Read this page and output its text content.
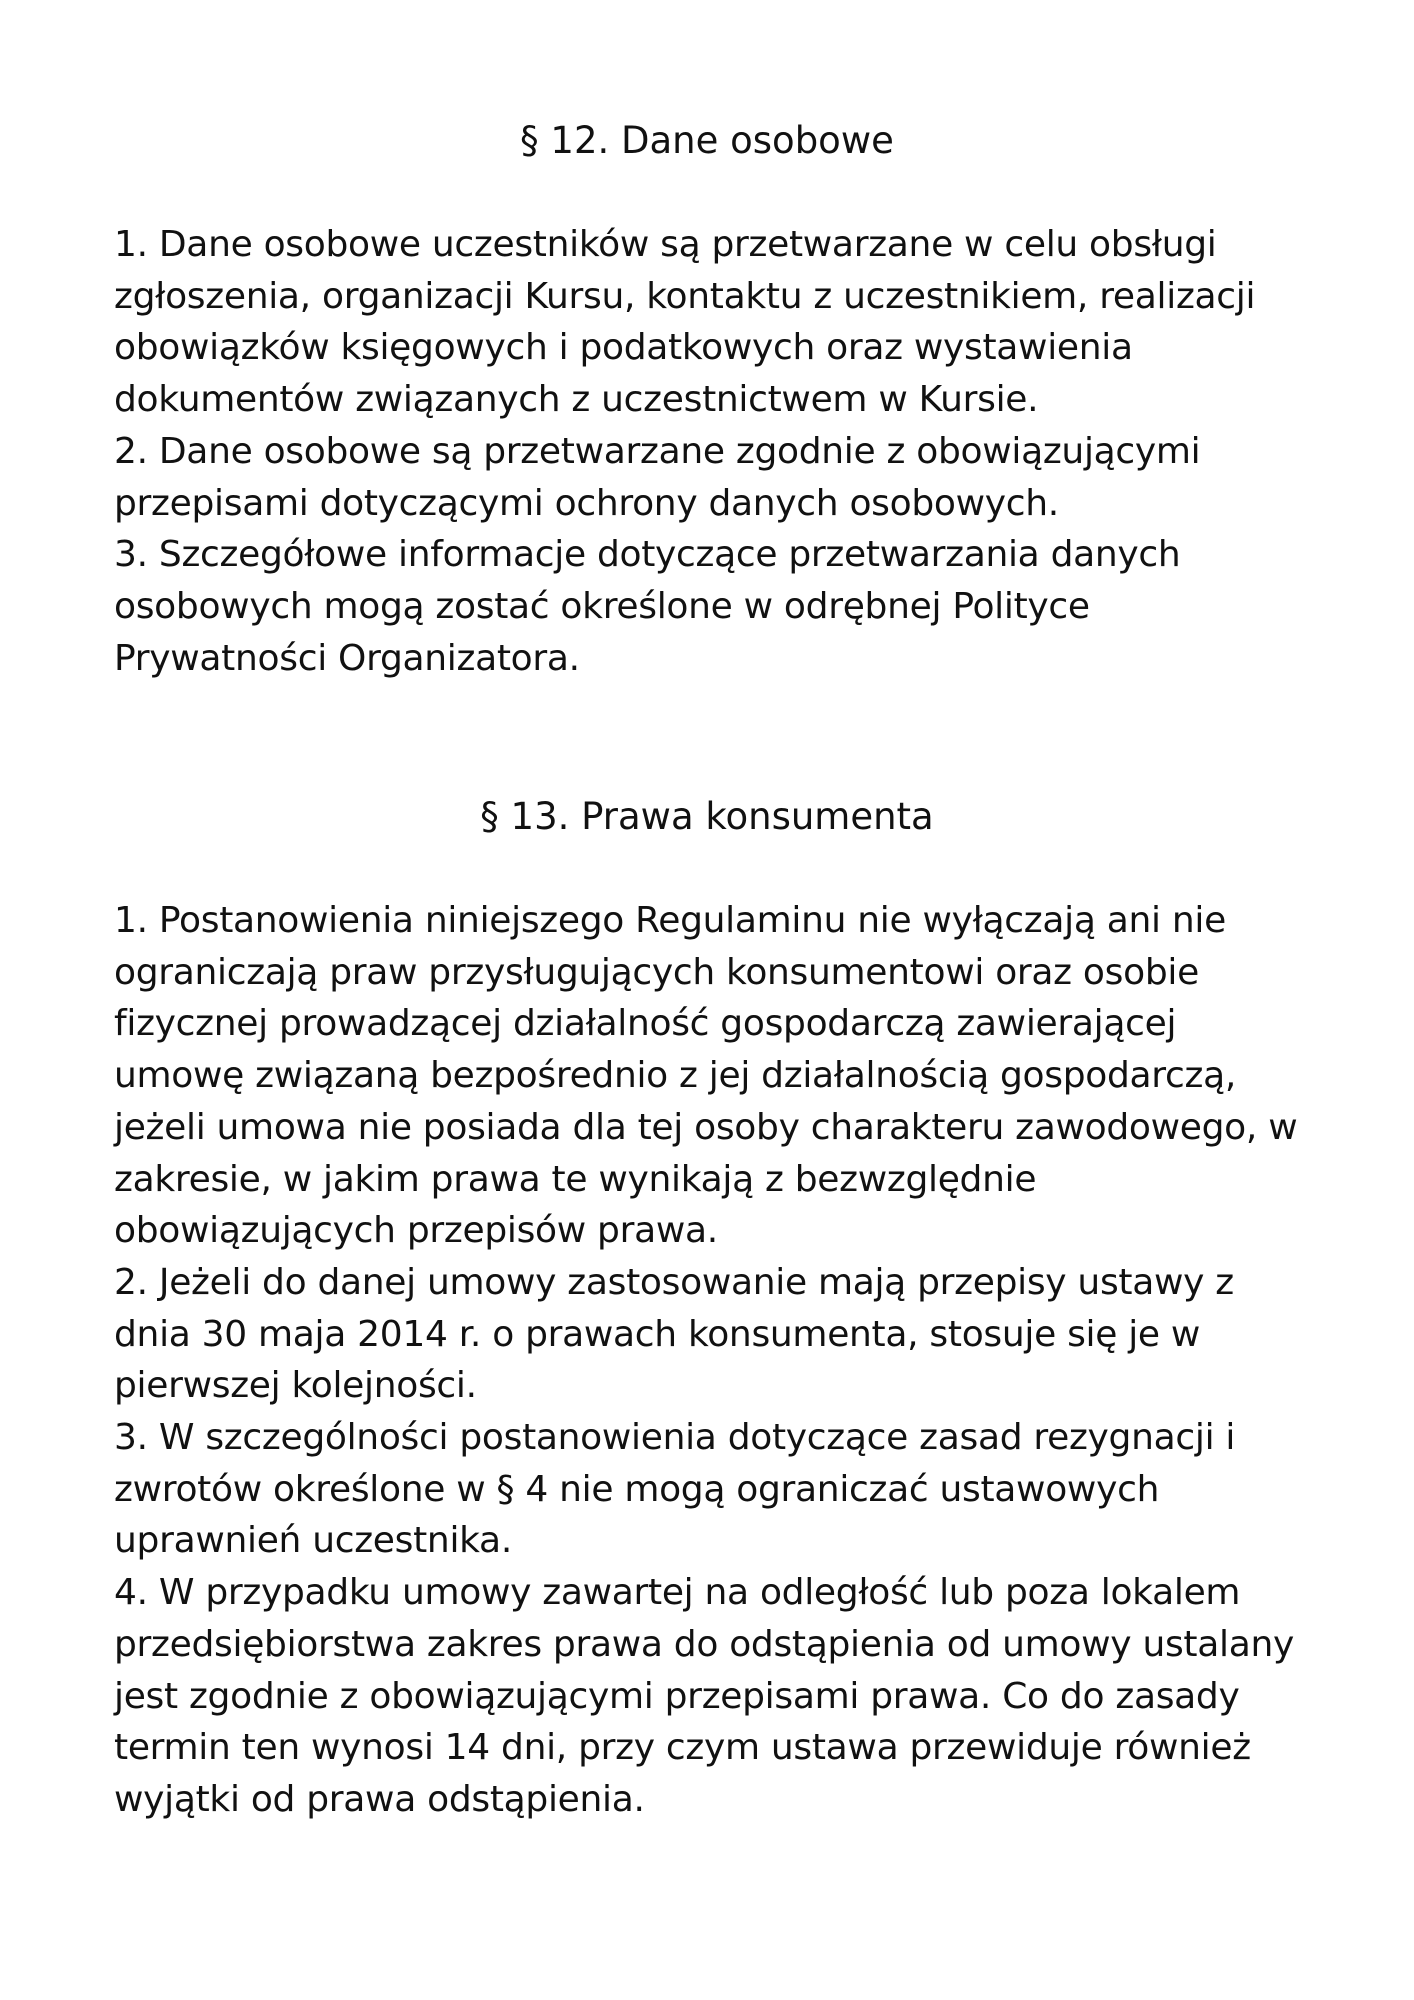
§ 12. Dane osobowe

1. Dane osobowe uczestników są przetwarzane w celu obsługi
zgłoszenia, organizacji Kursu, kontaktu z uczestnikiem, realizacji
obowiązków księgowych i podatkowych oraz wystawienia
dokumentów związanych z uczestnictwem w Kursie.
2. Dane osobowe są przetwarzane zgodnie z obowiązującymi
przepisami dotyczącymi ochrony danych osobowych.
3. Szczegółowe informacje dotyczące przetwarzania danych
osobowych mogą zostać określone w odrębnej Polityce
Prywatności Organizatora.

§ 13. Prawa konsumenta

1. Postanowienia niniejszego Regulaminu nie wyłączają ani nie
ograniczają praw przysługujących konsumentowi oraz osobie
fizycznej prowadzącej działalność gospodarczą zawierającej
umowę związaną bezpośrednio z jej działalnością gospodarczą,
jeżeli umowa nie posiada dla tej osoby charakteru zawodowego, w
zakresie, w jakim prawa te wynikają z bezwzględnie
obowiązujących przepisów prawa.
2. Jeżeli do danej umowy zastosowanie mają przepisy ustawy z
dnia 30 maja 2014 r. o prawach konsumenta, stosuje się je w
pierwszej kolejności.
3. W szczególności postanowienia dotyczące zasad rezygnacji i
zwrotów określone w § 4 nie mogą ograniczać ustawowych
uprawnień uczestnika.
4. W przypadku umowy zawartej na odległość lub poza lokalem
przedsiębiorstwa zakres prawa do odstąpienia od umowy ustalany
jest zgodnie z obowiązującymi przepisami prawa. Co do zasady
termin ten wynosi 14 dni, przy czym ustawa przewiduje również
wyjątki od prawa odstąpienia.
